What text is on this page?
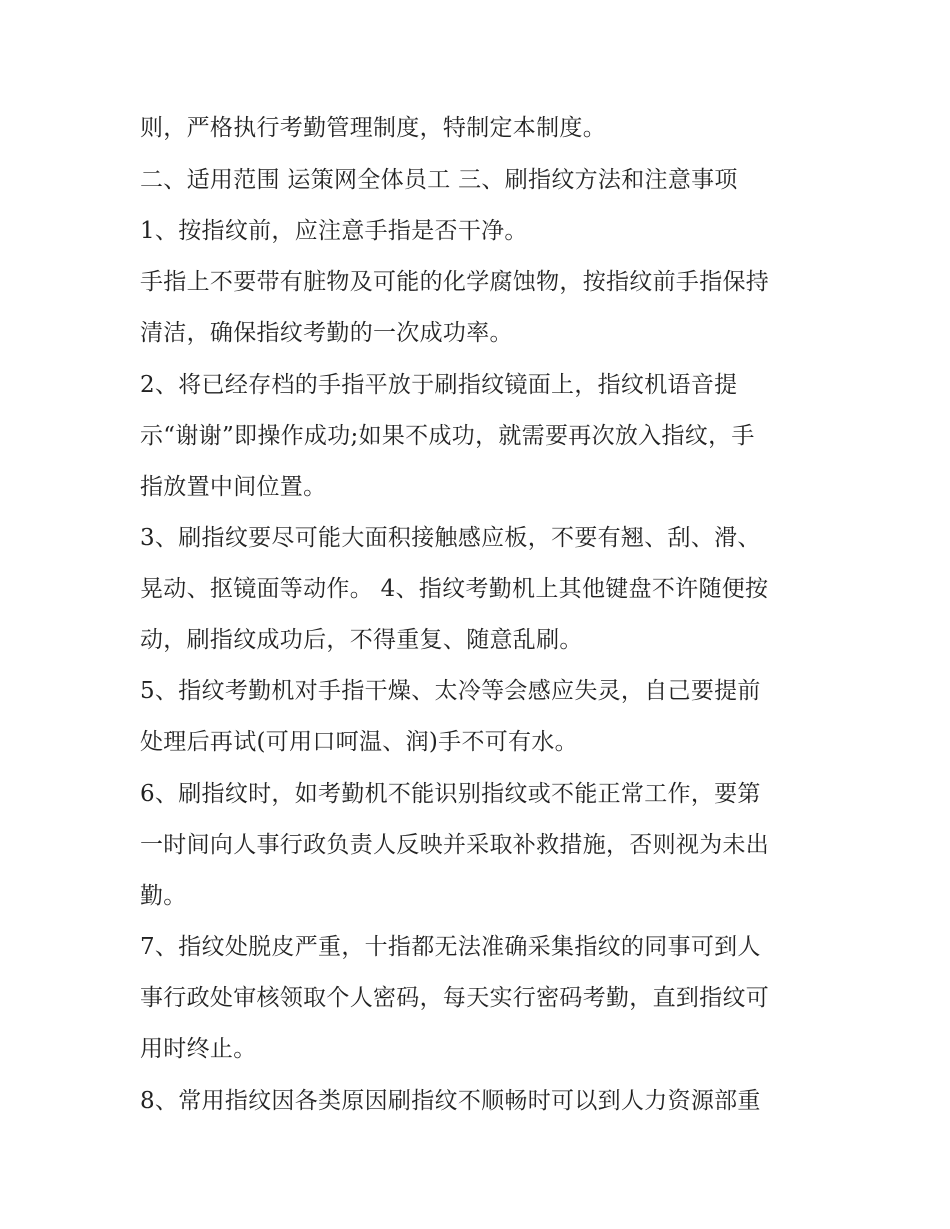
则，严格执行考勤管理制度，特制定本制度。
二、适用范围 运策网全体员工 三、刷指纹方法和注意事项
1、按指纹前，应注意手指是否干净。
手指上不要带有脏物及可能的化学腐蚀物，按指纹前手指保持
清洁，确保指纹考勤的一次成功率。
2、将已经存档的手指平放于刷指纹镜面上，指纹机语音提
示“谢谢”即操作成功;如果不成功，就需要再次放入指纹，手
指放置中间位置。
3、刷指纹要尽可能大面积接触感应板，不要有翘、刮、滑、
晃动、抠镜面等动作。 4、指纹考勤机上其他键盘不许随便按
动，刷指纹成功后，不得重复、随意乱刷。
5、指纹考勤机对手指干燥、太冷等会感应失灵，自己要提前
处理后再试(可用口呵温、润)手不可有水。
6、刷指纹时，如考勤机不能识别指纹或不能正常工作，要第
一时间向人事行政负责人反映并采取补救措施，否则视为未出
勤。
7、指纹处脱皮严重，十指都无法准确采集指纹的同事可到人
事行政处审核领取个人密码，每天实行密码考勤，直到指纹可
用时终止。
8、常用指纹因各类原因刷指纹不顺畅时可以到人力资源部重
